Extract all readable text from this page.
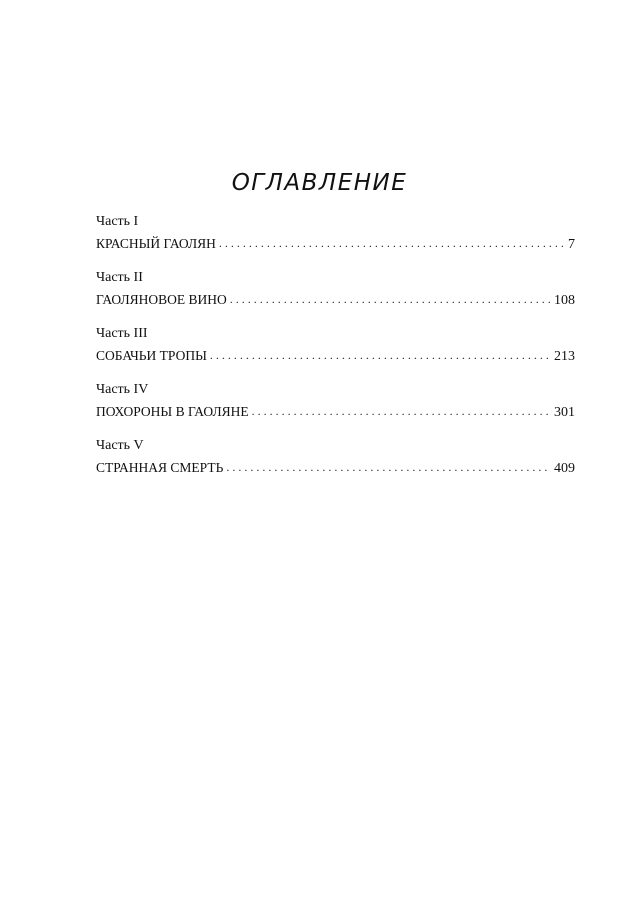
ОГЛАВЛЕНИЕ
Часть I
КРАСНЫЙ ГАОЛЯН . . .	7
Часть II
ГАОЛЯНОВОЕ ВИНО . . .	108
Часть III
СОБАЧЬИ ТРОПЫ . . .	213
Часть IV
ПОХОРОНЫ В ГАОЛЯНЕ . . .	301
Часть V
СТРАННАЯ СМЕРТЬ . . .	409
